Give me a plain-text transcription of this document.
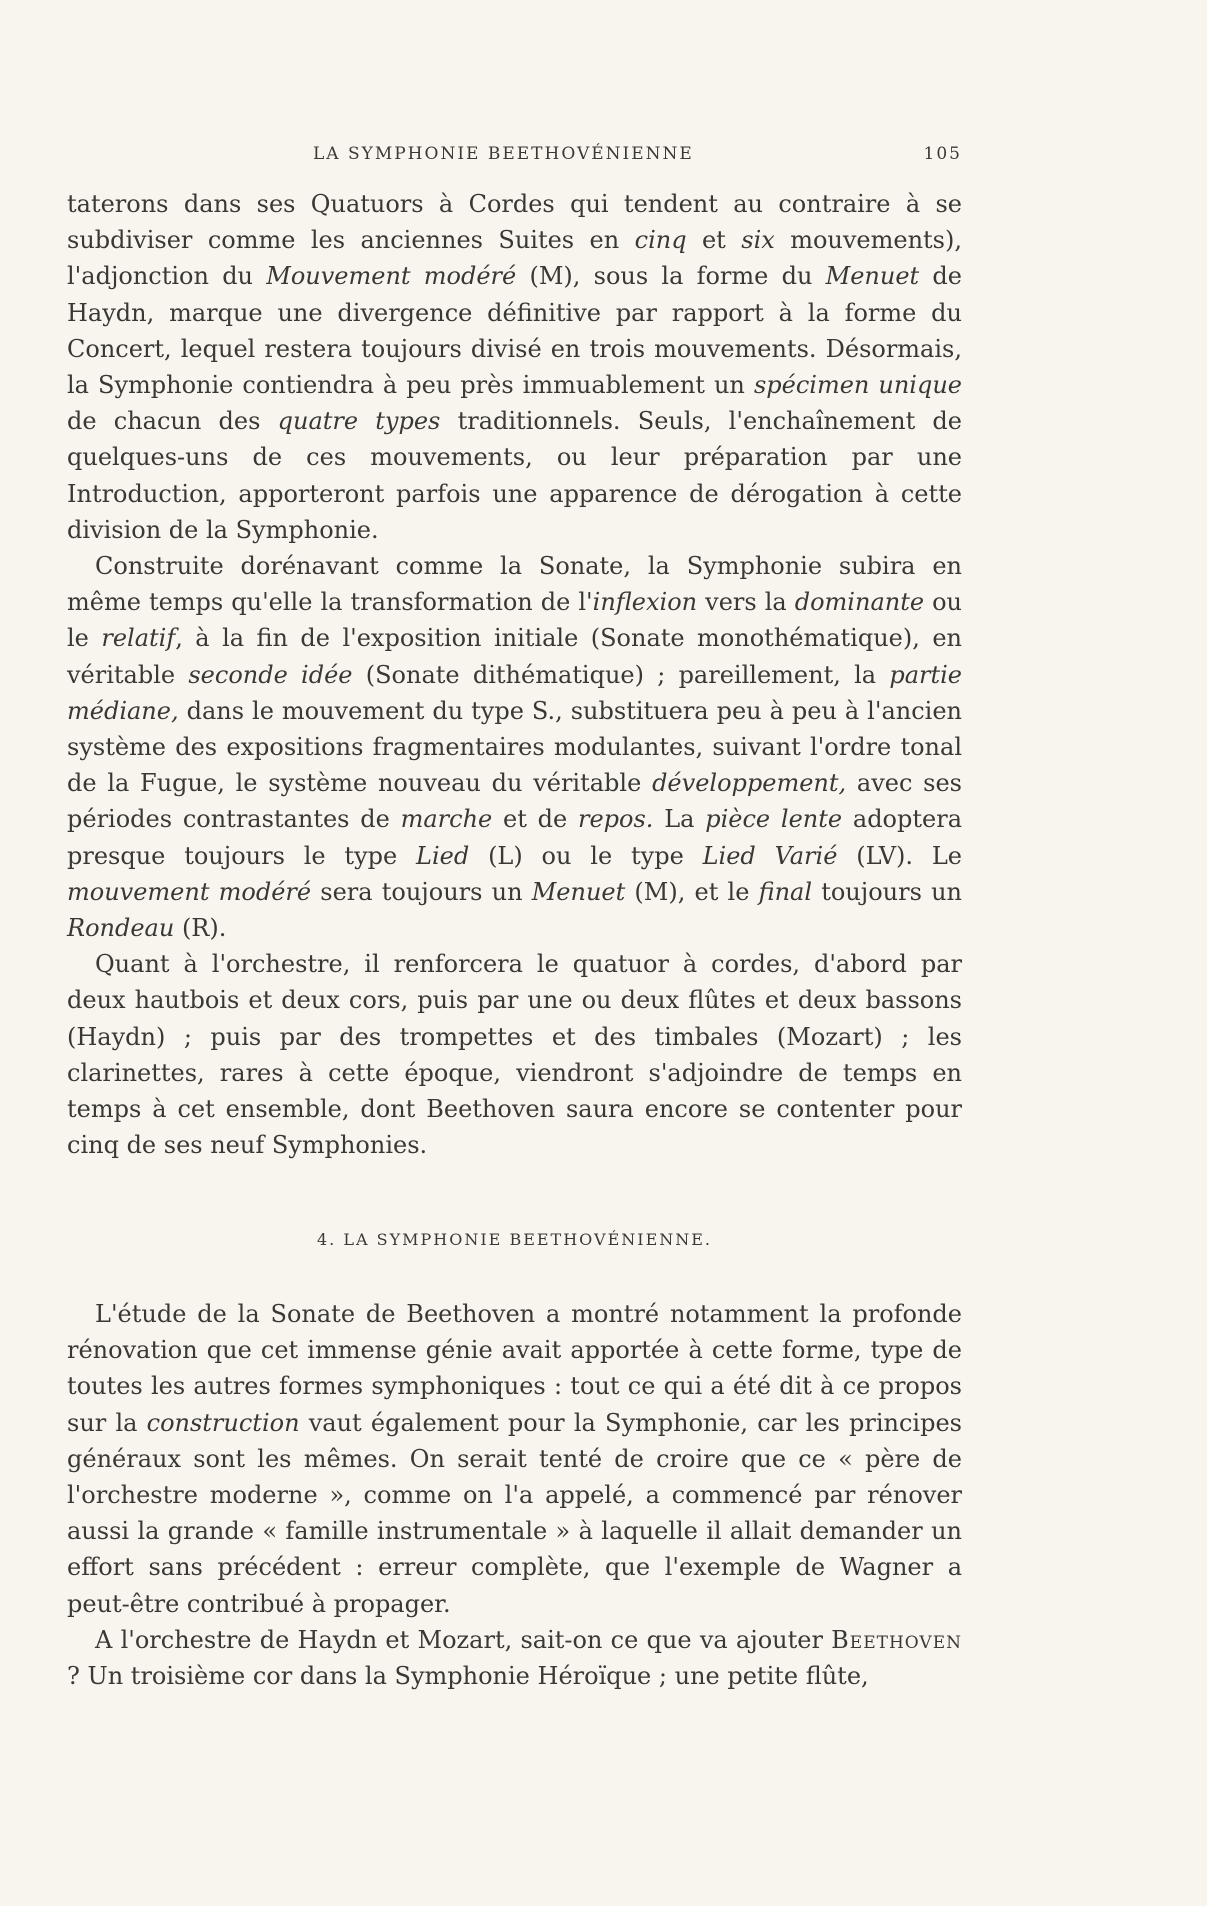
LA SYMPHONIE BEETHOVÉNIENNE	105

taterons dans ses Quatuors à Cordes qui tendent au contraire à se subdiviser comme les anciennes Suites en cinq et six mouvements), l'adjonction du Mouvement modéré (M), sous la forme du Menuet de Haydn, marque une divergence définitive par rapport à la forme du Concert, lequel restera toujours divisé en trois mouvements. Désormais, la Symphonie contiendra à peu près immuablement un spécimen unique de chacun des quatre types traditionnels. Seuls, l'enchaînement de quelques-uns de ces mouvements, ou leur préparation par une Introduction, apporteront parfois une apparence de dérogation à cette division de la Symphonie.

Construite dorénavant comme la Sonate, la Symphonie subira en même temps qu'elle la transformation de l'inflexion vers la dominante ou le relatif, à la fin de l'exposition initiale (Sonate monothématique), en véritable seconde idée (Sonate dithématique) ; pareillement, la partie médiane, dans le mouvement du type S., substituera peu à peu à l'ancien système des expositions fragmentaires modulantes, suivant l'ordre tonal de la Fugue, le système nouveau du véritable développement, avec ses périodes contrastantes de marche et de repos. La pièce lente adoptera presque toujours le type Lied (L) ou le type Lied Varié (LV). Le mouvement modéré sera toujours un Menuet (M), et le final toujours un Rondeau (R).

Quant à l'orchestre, il renforcera le quatuor à cordes, d'abord par deux hautbois et deux cors, puis par une ou deux flûtes et deux bassons (Haydn) ; puis par des trompettes et des timbales (Mozart) ; les clarinettes, rares à cette époque, viendront s'adjoindre de temps en temps à cet ensemble, dont Beethoven saura encore se contenter pour cinq de ses neuf Symphonies.

4. LA SYMPHONIE BEETHOVÉNIENNE.

L'étude de la Sonate de Beethoven a montré notamment la profonde rénovation que cet immense génie avait apportée à cette forme, type de toutes les autres formes symphoniques : tout ce qui a été dit à ce propos sur la construction vaut également pour la Symphonie, car les principes généraux sont les mêmes. On serait tenté de croire que ce « père de l'orchestre moderne », comme on l'a appelé, a commencé par rénover aussi la grande « famille instrumentale » à laquelle il allait demander un effort sans précédent : erreur complète, que l'exemple de Wagner a peut-être contribué à propager.

A l'orchestre de Haydn et Mozart, sait-on ce que va ajouter Beethoven ? Un troisième cor dans la Symphonie Héroïque ; une petite flûte,
